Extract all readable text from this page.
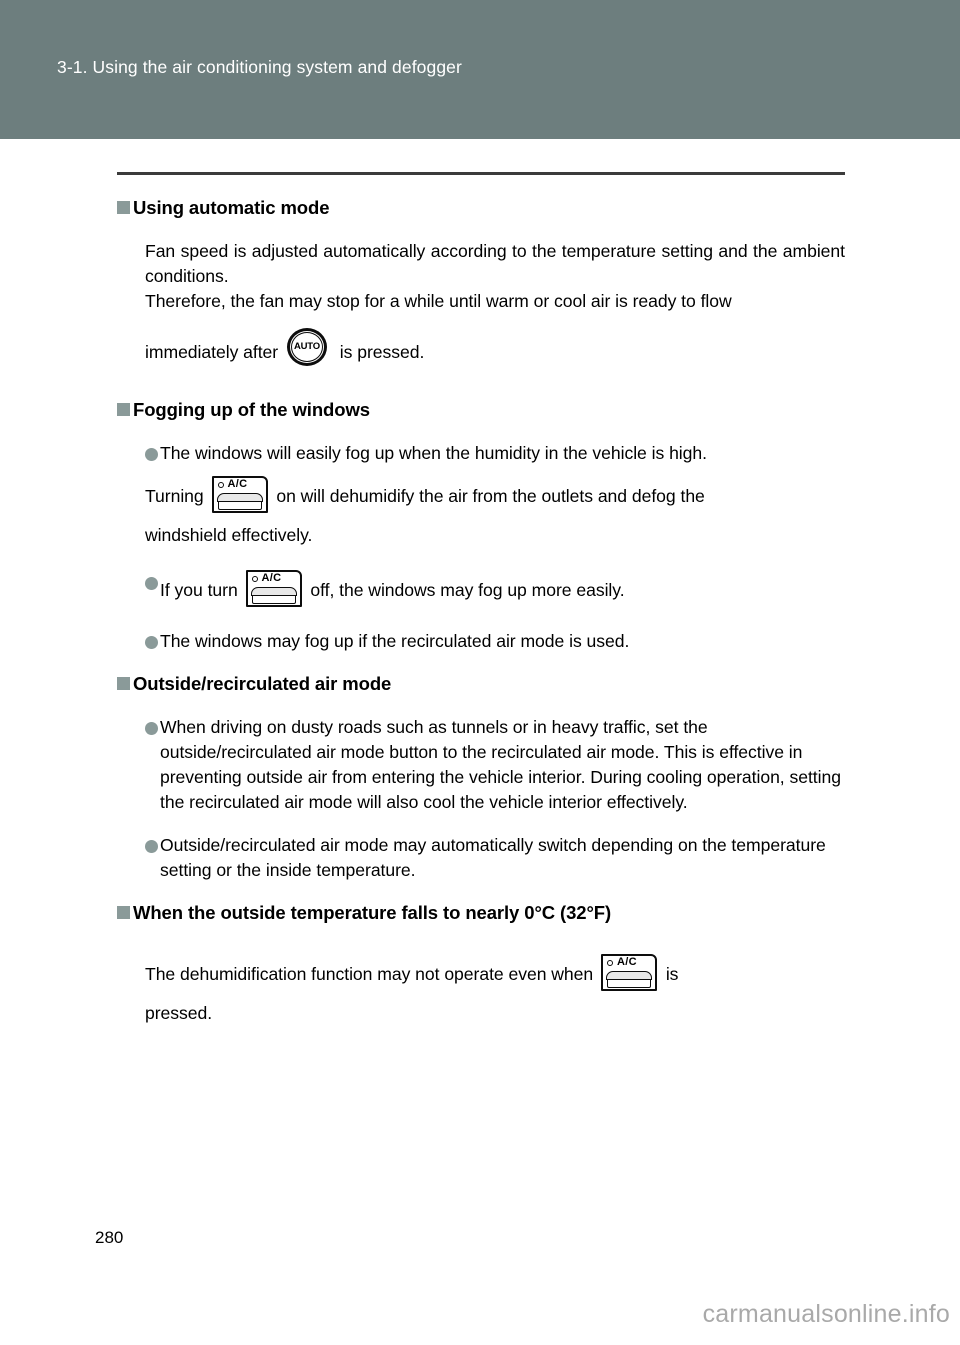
3-1. Using the air conditioning system and defogger
Using automatic mode
Fan speed is adjusted automatically according to the temperature setting and the ambient conditions.
Therefore, the fan may stop for a while until warm or cool air is ready to flow
immediately after	AUTO	is pressed.
Fogging up of the windows
The windows will easily fog up when the humidity in the vehicle is high.
Turning
A/C
on will dehumidify the air from the outlets and defog the
windshield effectively.
If you turn
A/C
off, the windows may fog up more easily.
The windows may fog up if the recirculated air mode is used.
Outside/recirculated air mode
When driving on dusty roads such as tunnels or in heavy traffic, set the outside/recirculated air mode button to the recirculated air mode. This is effective in preventing outside air from entering the vehicle interior. During cooling operation, setting the recirculated air mode will also cool the vehicle interior effectively.
Outside/recirculated air mode may automatically switch depending on the temperature setting or the inside temperature.
When the outside temperature falls to nearly 0°C (32°F)
The dehumidification function may not operate even when
A/C
is
pressed.
280
carmanualsonline.info
